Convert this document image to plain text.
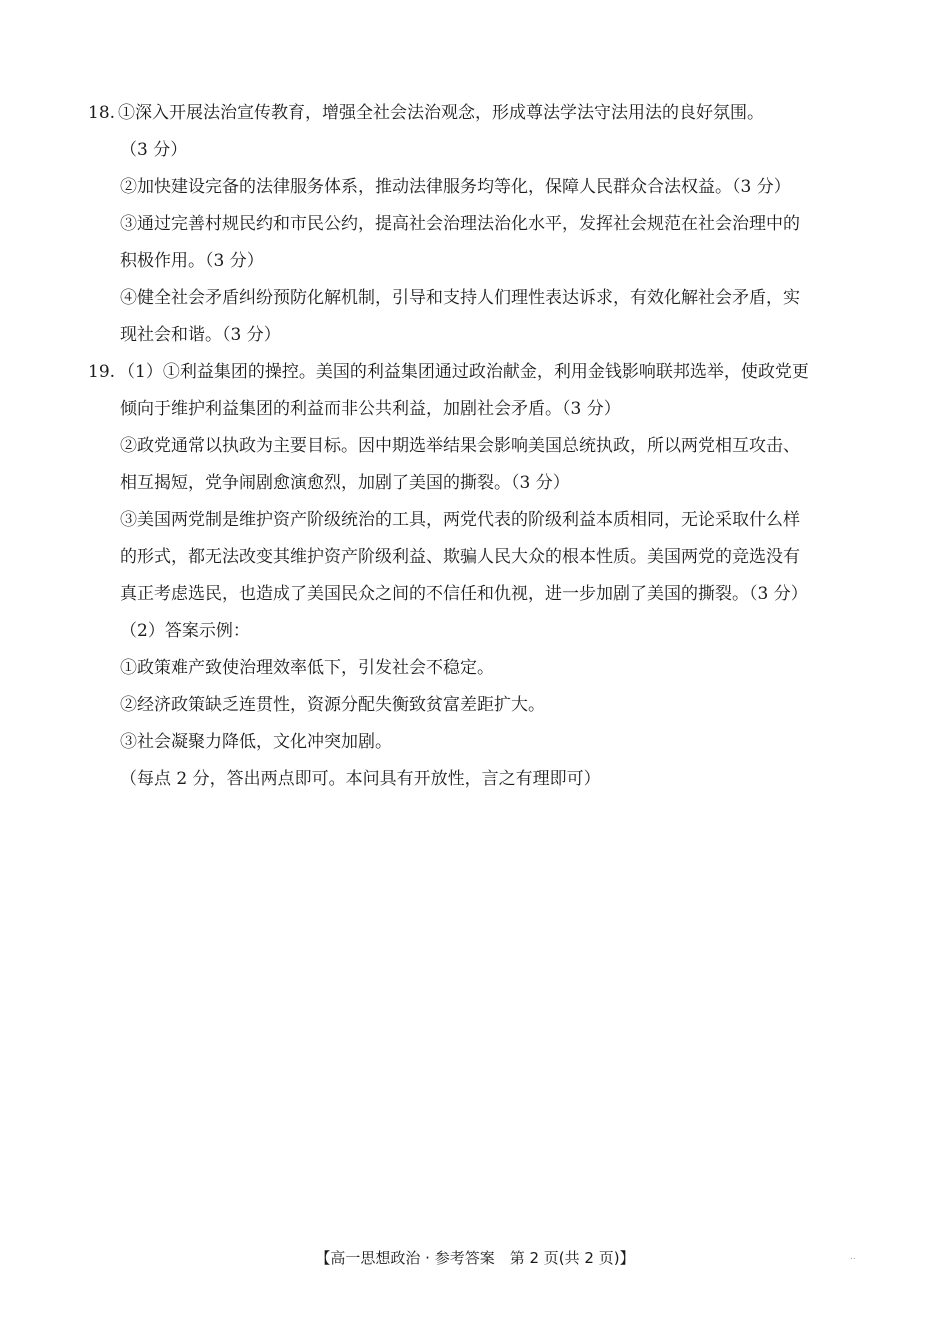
18. ①深入开展法治宣传教育，增强全社会法治观念，形成尊法学法守法用法的良好氛围。
（3 分）
②加快建设完备的法律服务体系，推动法律服务均等化，保障人民群众合法权益。（3 分）
③通过完善村规民约和市民公约，提高社会治理法治化水平，发挥社会规范在社会治理中的
积极作用。（3 分）
④健全社会矛盾纠纷预防化解机制，引导和支持人们理性表达诉求，有效化解社会矛盾，实
现社会和谐。（3 分）
19. （1）①利益集团的操控。美国的利益集团通过政治献金，利用金钱影响联邦选举，使政党更
倾向于维护利益集团的利益而非公共利益，加剧社会矛盾。（3 分）
②政党通常以执政为主要目标。因中期选举结果会影响美国总统执政，所以两党相互攻击、
相互揭短，党争闹剧愈演愈烈，加剧了美国的撕裂。（3 分）
③美国两党制是维护资产阶级统治的工具，两党代表的阶级利益本质相同，无论采取什么样
的形式，都无法改变其维护资产阶级利益、欺骗人民大众的根本性质。美国两党的竞选没有
真正考虑选民，也造成了美国民众之间的不信任和仇视，进一步加剧了美国的撕裂。（3 分）
（2）答案示例：
①政策难产致使治理效率低下，引发社会不稳定。
②经济政策缺乏连贯性，资源分配失衡致贫富差距扩大。
③社会凝聚力降低，文化冲突加剧。
（每点 2 分，答出两点即可。本问具有开放性，言之有理即可）
【高一思想政治 · 参考答案　第 2 页(共 2 页)】	..
